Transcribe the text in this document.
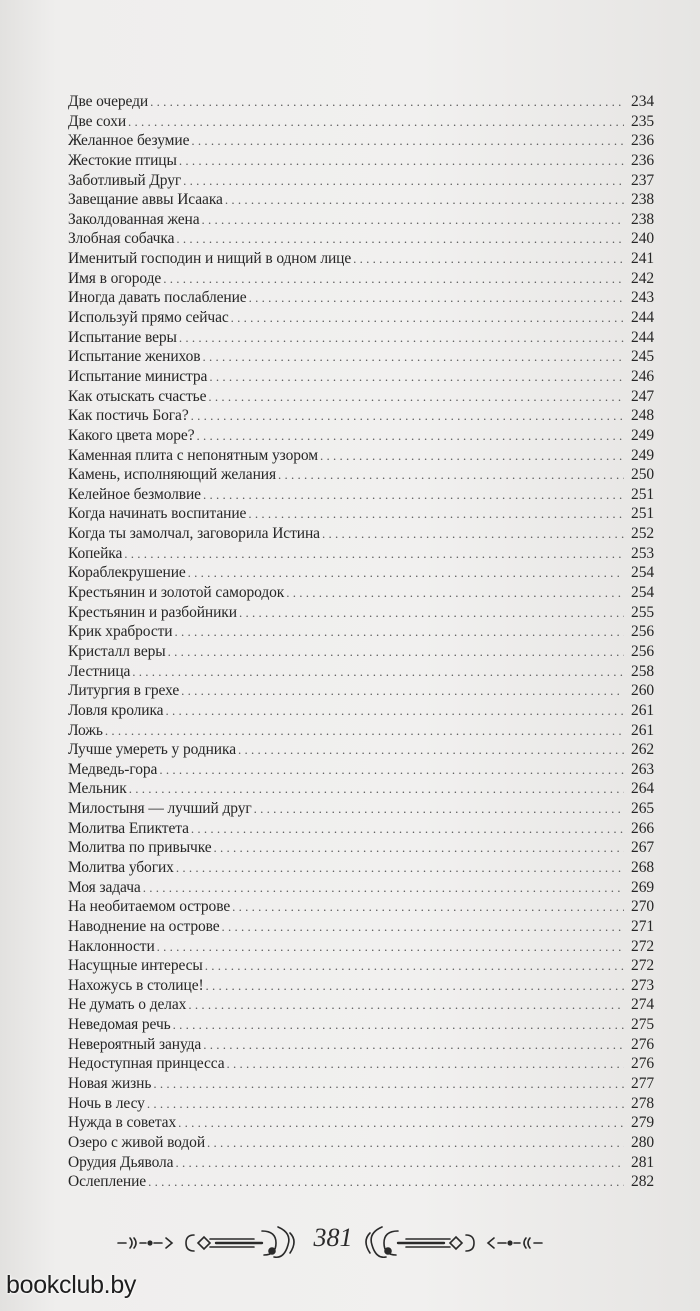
Две очереди . . .	234
Две сохи . . .	235
Желанное безумие . . .	236
Жестокие птицы . . .	236
Заботливый Друг . . .	237
Завещание аввы Исаака . . .	238
Заколдованная жена . . .	238
Злобная собачка . . .	240
Именитый господин и нищий в одном лице . . .	241
Имя в огороде . . .	242
Иногда давать послабление . . .	243
Используй прямо сейчас . . .	244
Испытание веры . . .	244
Испытание женихов . . .	245
Испытание министра . . .	246
Как отыскать счастье . . .	247
Как постичь Бога? . . .	248
Какого цвета море? . . .	249
Каменная плита с непонятным узором . . .	249
Камень, исполняющий желания . . .	250
Келейное безмолвие . . .	251
Когда начинать воспитание . . .	251
Когда ты замолчал, заговорила Истина . . .	252
Копейка . . .	253
Кораблекрушение . . .	254
Крестьянин и золотой самородок . . .	254
Крестьянин и разбойники . . .	255
Крик храбрости . . .	256
Кристалл веры . . .	256
Лестница . . .	258
Литургия в грехе . . .	260
Ловля кролика . . .	261
Ложь . . .	261
Лучше умереть у родника . . .	262
Медведь-гора . . .	263
Мельник . . .	264
Милостыня — лучший друг . . .	265
Молитва Епиктета . . .	266
Молитва по привычке . . .	267
Молитва убогих . . .	268
Моя задача . . .	269
На необитаемом острове . . .	270
Наводнение на острове . . .	271
Наклонности . . .	272
Насущные интересы . . .	272
Нахожусь в столице! . . .	273
Не думать о делах . . .	274
Неведомая речь . . .	275
Невероятный зануда . . .	276
Недоступная принцесса . . .	276
Новая жизнь . . .	277
Ночь в лесу . . .	278
Нужда в советах . . .	279
Озеро с живой водой . . .	280
Орудия Дьявола . . .	281
Ослепление . . .	282
381
bookclub.by
